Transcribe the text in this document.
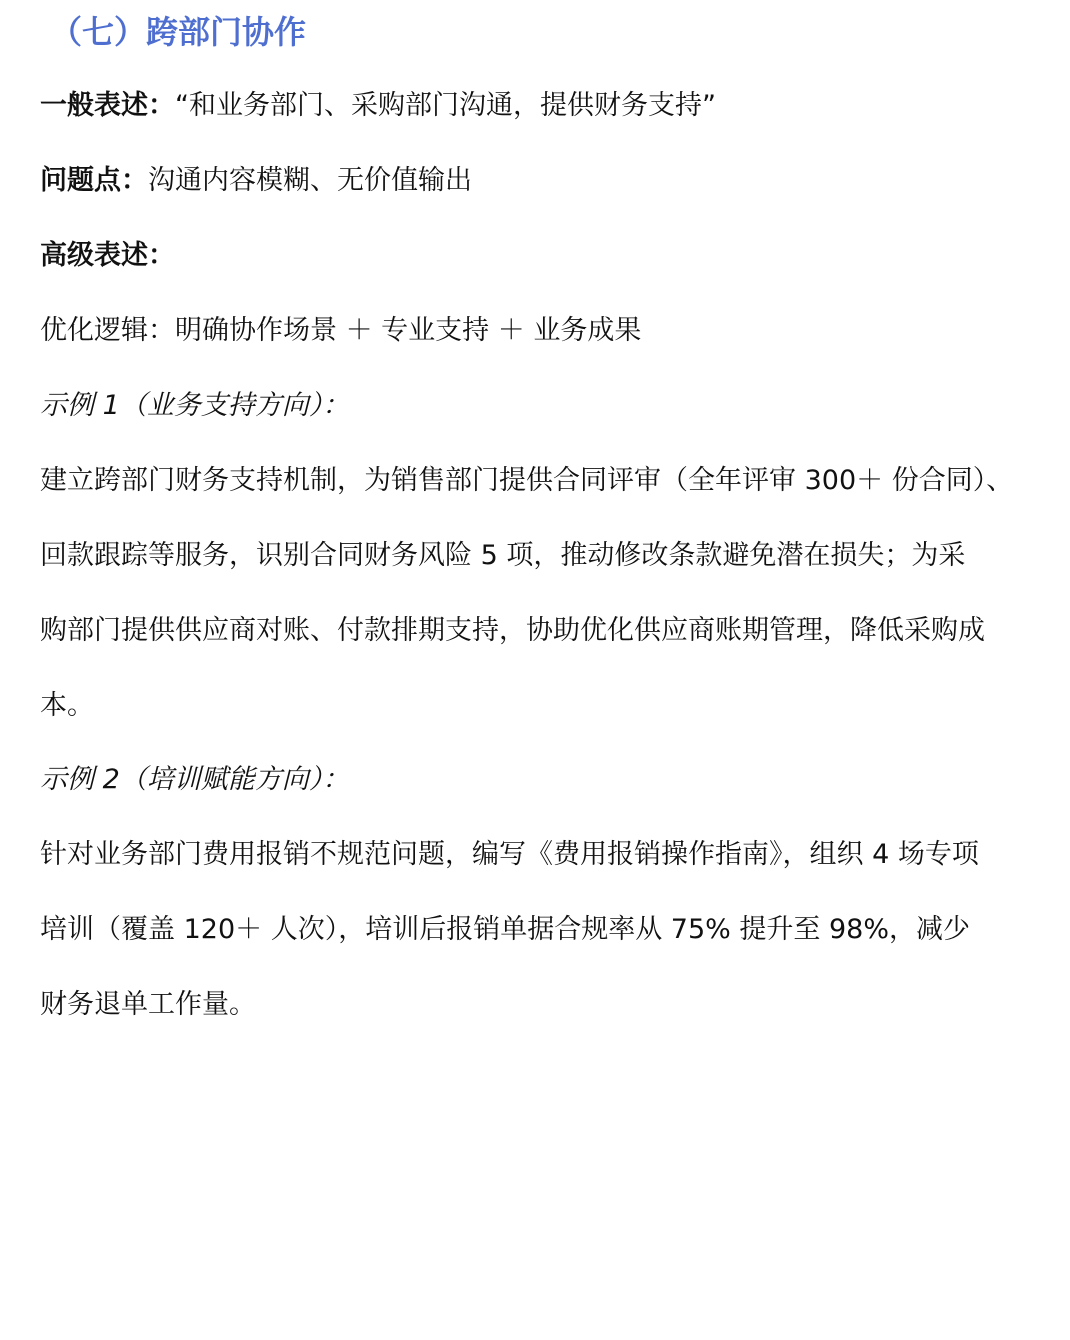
（七）跨部门协作
一般表述：“和业务部门、采购部门沟通，提供财务支持”
问题点：沟通内容模糊、无价值输出
高级表述：
优化逻辑：明确协作场景 ＋ 专业支持 ＋ 业务成果
示例 1（业务支持方向）：
建立跨部门财务支持机制，为销售部门提供合同评审（全年评审 300＋ 份合同）、
回款跟踪等服务，识别合同财务风险 5 项，推动修改条款避免潜在损失；为采
购部门提供供应商对账、付款排期支持，协助优化供应商账期管理，降低采购成
本。
示例 2（培训赋能方向）：
针对业务部门费用报销不规范问题，编写《费用报销操作指南》，组织 4 场专项
培训（覆盖 120＋ 人次），培训后报销单据合规率从 75% 提升至 98%，减少
财务退单工作量。
